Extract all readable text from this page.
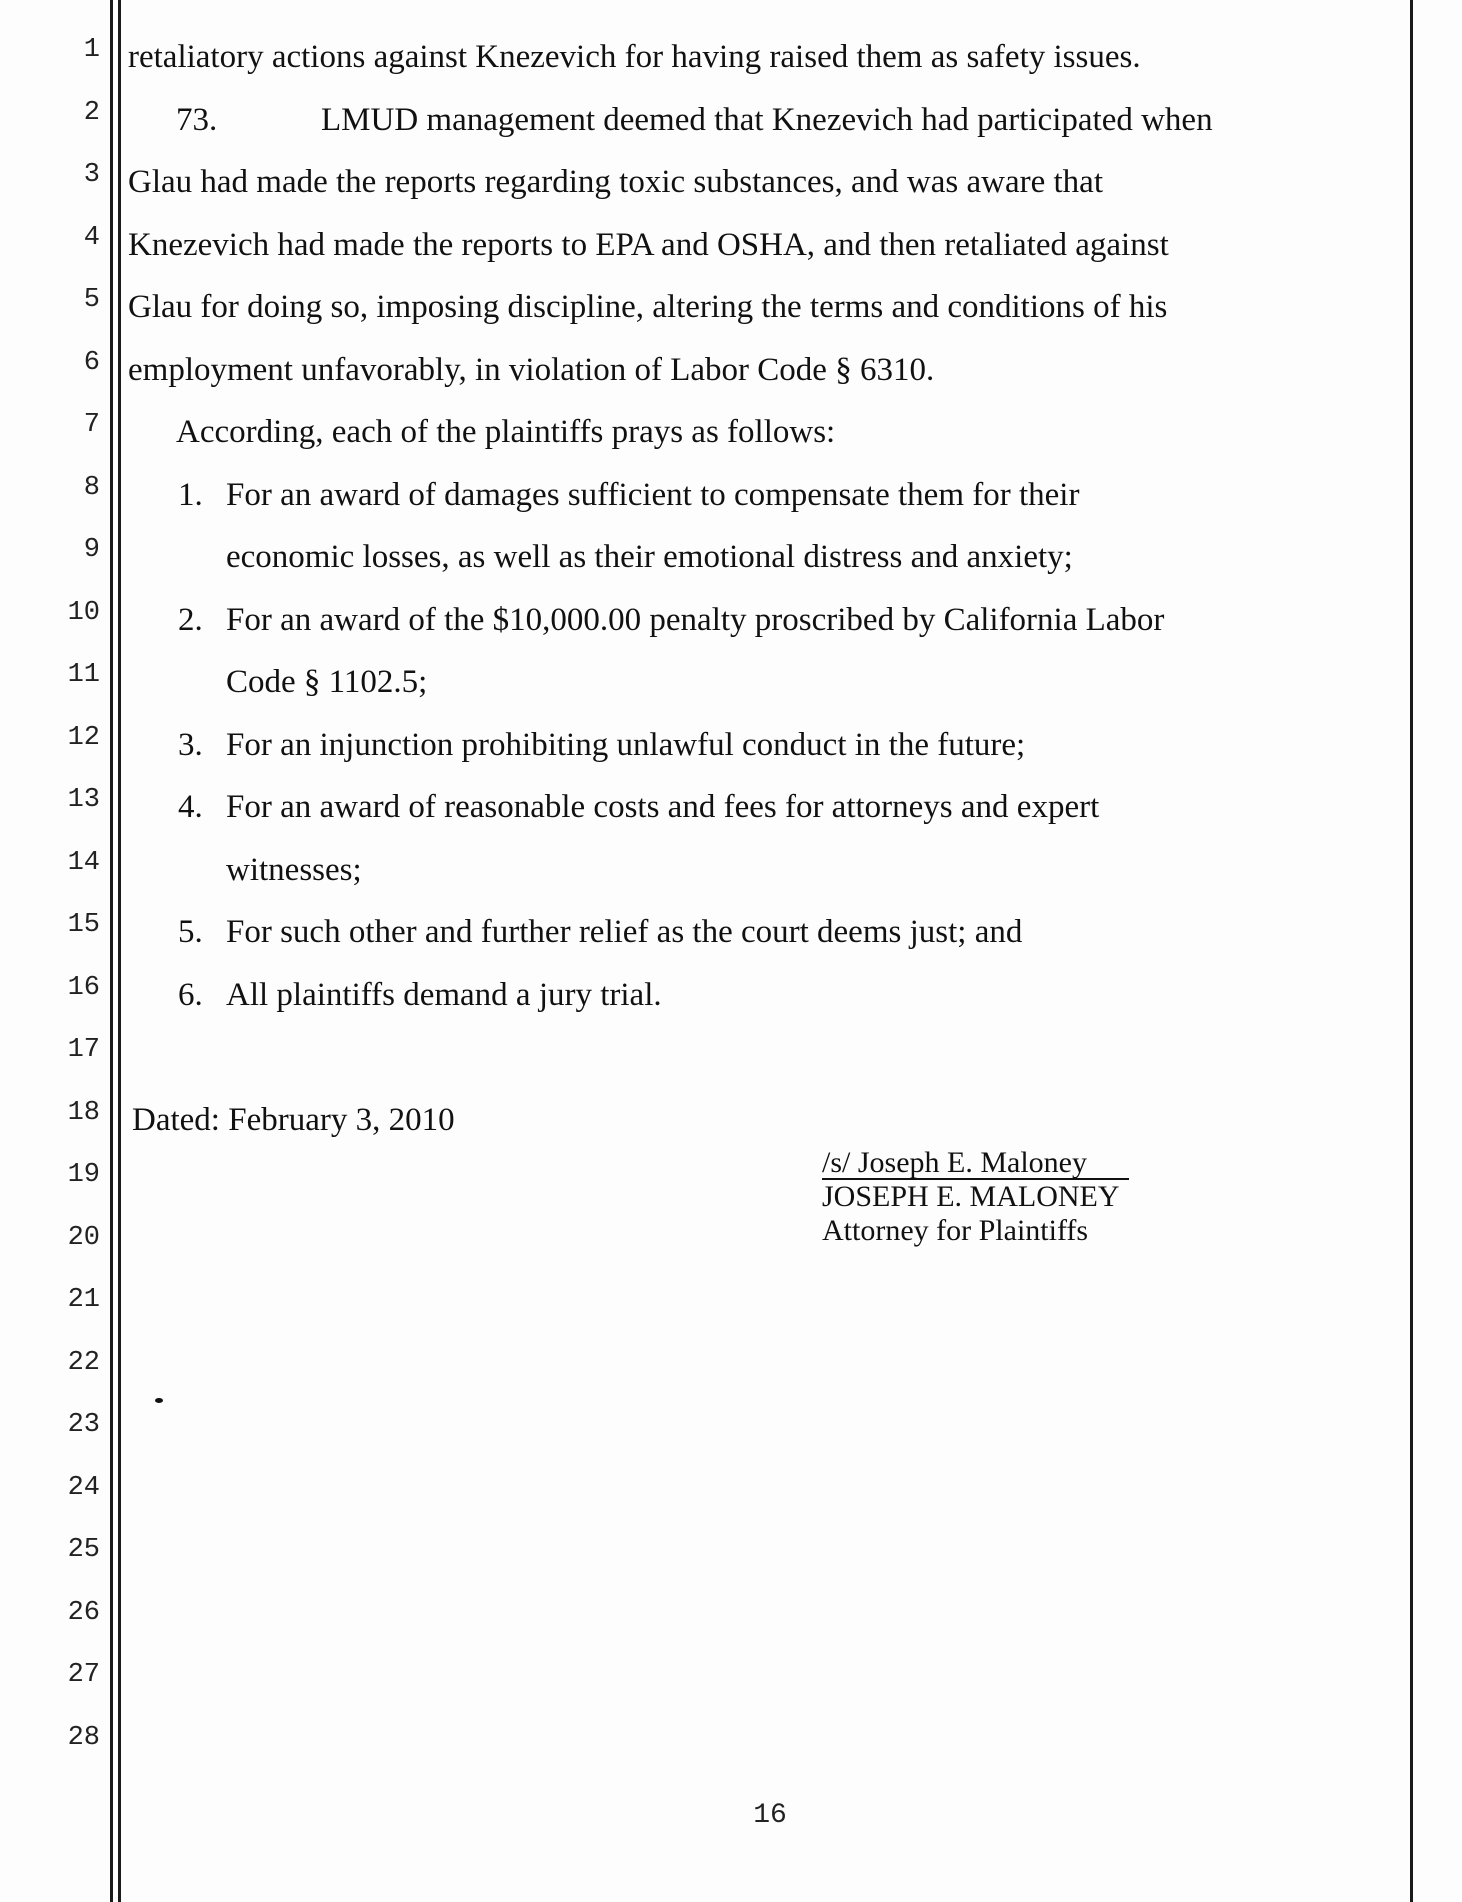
1
2
3
4
5
6
7
8
9
10
11
12
13
14
15
16
17
18
19
20
21
22
23
24
25
26
27
28
retaliatory actions against Knezevich for having raised them as safety issues.
73.	LMUD management deemed that Knezevich had participated when
Glau had made the reports regarding toxic substances, and was aware that
Knezevich had made the reports to EPA and OSHA, and then retaliated against
Glau for doing so, imposing discipline, altering the terms and conditions of his
employment unfavorably, in violation of Labor Code § 6310.
According, each of the plaintiffs prays as follows:
1. For an award of damages sufficient to compensate them for their
economic losses, as well as their emotional distress and anxiety;
2. For an award of the $10,000.00 penalty proscribed by California Labor
Code § 1102.5;
3. For an injunction prohibiting unlawful conduct in the future;
4. For an award of reasonable costs and fees for attorneys and expert
witnesses;
5. For such other and further relief as the court deems just; and
6. All plaintiffs demand a jury trial.
Dated: February 3, 2010
/s/ Joseph E. Maloney
JOSEPH E. MALONEY
Attorney for Plaintiffs
16
